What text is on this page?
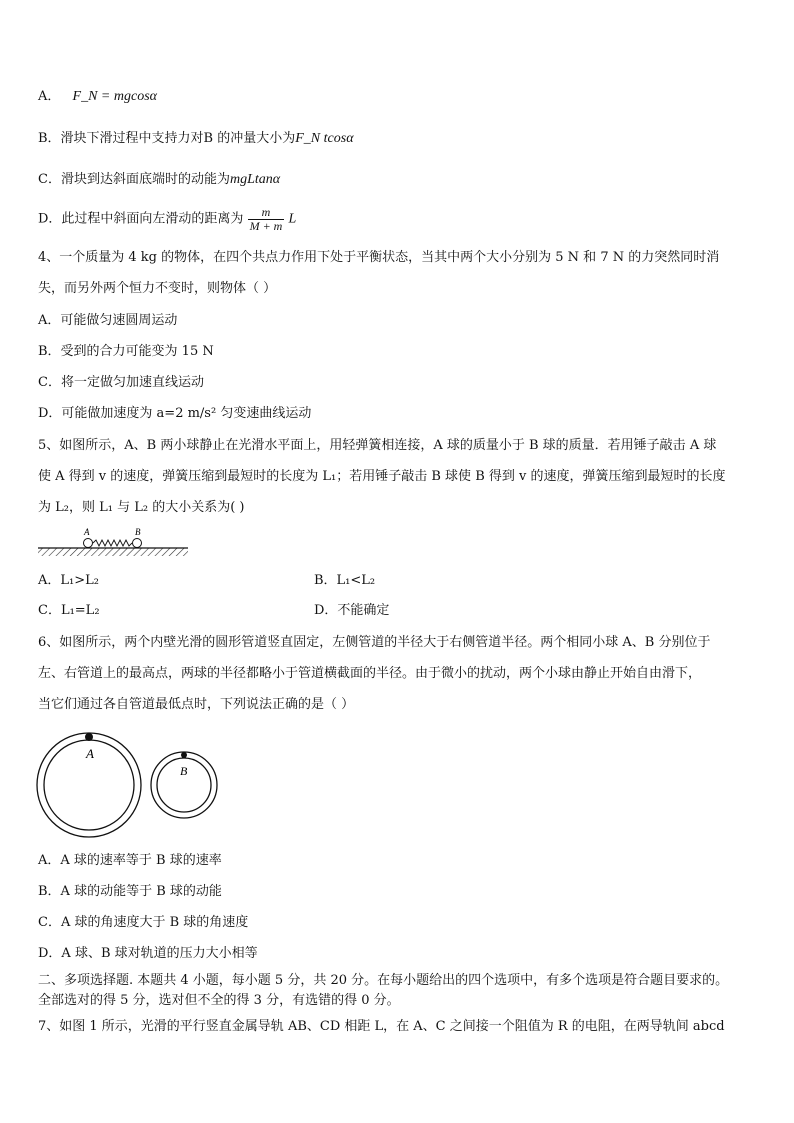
A． F_N = mgcosα
B．滑块下滑过程中支持力对B 的冲量大小为F_N tcosα
C．滑块到达斜面底端时的动能为mgLtanα
D．此过程中斜面向左滑动的距离为 $\frac{m}{M + m}$ L
4、一个质量为 4 kg 的物体，在四个共点力作用下处于平衡状态，当其中两个大小分别为 5 N 和 7 N 的力突然同时消
失，而另外两个恒力不变时，则物体（ ）
A．可能做匀速圆周运动
B．受到的合力可能变为 15 N
C．将一定做匀加速直线运动
D．可能做加速度为 a=2 m/s² 匀变速曲线运动
5、如图所示，A、B 两小球静止在光滑水平面上，用轻弹簧相连接，A 球的质量小于 B 球的质量．若用锤子敲击 A 球
使 A 得到 v 的速度，弹簧压缩到最短时的长度为 L₁；若用锤子敲击 B 球使 B 得到 v 的速度，弹簧压缩到最短时的长度
为 L₂，则 L₁ 与 L₂ 的大小关系为( )
A	B
A．L₁>L₂	B．L₁<L₂
C．L₁=L₂	D．不能确定
6、如图所示，两个内壁光滑的圆形管道竖直固定，左侧管道的半径大于右侧管道半径。两个相同小球 A、B 分别位于
左、右管道上的最高点，两球的半径都略小于管道横截面的半径。由于微小的扰动，两个小球由静止开始自由滑下，
当它们通过各自管道最低点时，下列说法正确的是（ ）
A
B
A．A 球的速率等于 B 球的速率
B．A 球的动能等于 B 球的动能
C．A 球的角速度大于 B 球的角速度
D．A 球、B 球对轨道的压力大小相等
二、多项选择题. 本题共 4 小题，每小题 5 分，共 20 分。在每小题给出的四个选项中，有多个选项是符合题目要求的。
全部选对的得 5 分，选对但不全的得 3 分，有选错的得 0 分。
7、如图 1 所示，光滑的平行竖直金属导轨 AB、CD 相距 L，在 A、C 之间接一个阻值为 R 的电阻，在两导轨间 abcd
